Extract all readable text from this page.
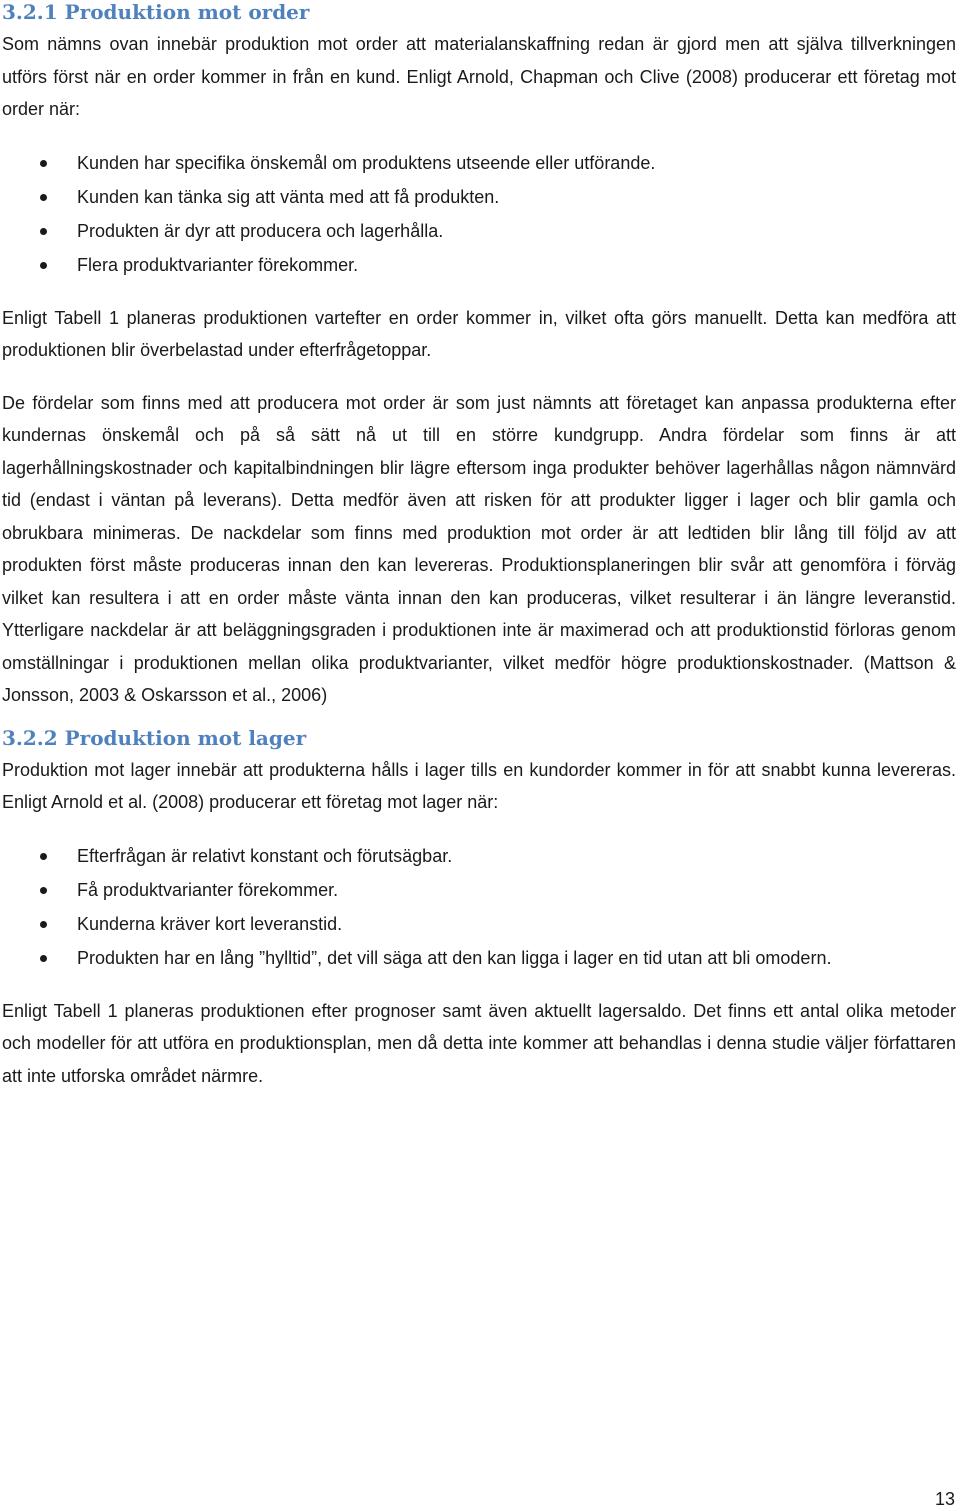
3.2.1 Produktion mot order

Som nämns ovan innebär produktion mot order att materialanskaffning redan är gjord men att själva tillverkningen utförs först när en order kommer in från en kund. Enligt Arnold, Chapman och Clive (2008) producerar ett företag mot order när:

Kunden har specifika önskemål om produktens utseende eller utförande.
Kunden kan tänka sig att vänta med att få produkten.
Produkten är dyr att producera och lagerhålla.
Flera produktvarianter förekommer.

Enligt Tabell 1 planeras produktionen vartefter en order kommer in, vilket ofta görs manuellt. Detta kan medföra att produktionen blir överbelastad under efterfrågetoppar.

De fördelar som finns med att producera mot order är som just nämnts att företaget kan anpassa produkterna efter kundernas önskemål och på så sätt nå ut till en större kundgrupp. Andra fördelar som finns är att lagerhållningskostnader och kapitalbindningen blir lägre eftersom inga produkter behöver lagerhållas någon nämnvärd tid (endast i väntan på leverans). Detta medför även att risken för att produkter ligger i lager och blir gamla och obrukbara minimeras. De nackdelar som finns med produktion mot order är att ledtiden blir lång till följd av att produkten först måste produceras innan den kan levereras. Produktionsplaneringen blir svår att genomföra i förväg vilket kan resultera i att en order måste vänta innan den kan produceras, vilket resulterar i än längre leveranstid. Ytterligare nackdelar är att beläggningsgraden i produktionen inte är maximerad och att produktionstid förloras genom omställningar i produktionen mellan olika produktvarianter, vilket medför högre produktionskostnader. (Mattson & Jonsson, 2003 & Oskarsson et al., 2006)

3.2.2 Produktion mot lager

Produktion mot lager innebär att produkterna hålls i lager tills en kundorder kommer in för att snabbt kunna levereras. Enligt Arnold et al. (2008) producerar ett företag mot lager när:

Efterfrågan är relativt konstant och förutsägbar.
Få produktvarianter förekommer.
Kunderna kräver kort leveranstid.
Produkten har en lång ”hylltid”, det vill säga att den kan ligga i lager en tid utan att bli omodern.

Enligt Tabell 1 planeras produktionen efter prognoser samt även aktuellt lagersaldo. Det finns ett antal olika metoder och modeller för att utföra en produktionsplan, men då detta inte kommer att behandlas i denna studie väljer författaren att inte utforska området närmre.

13
